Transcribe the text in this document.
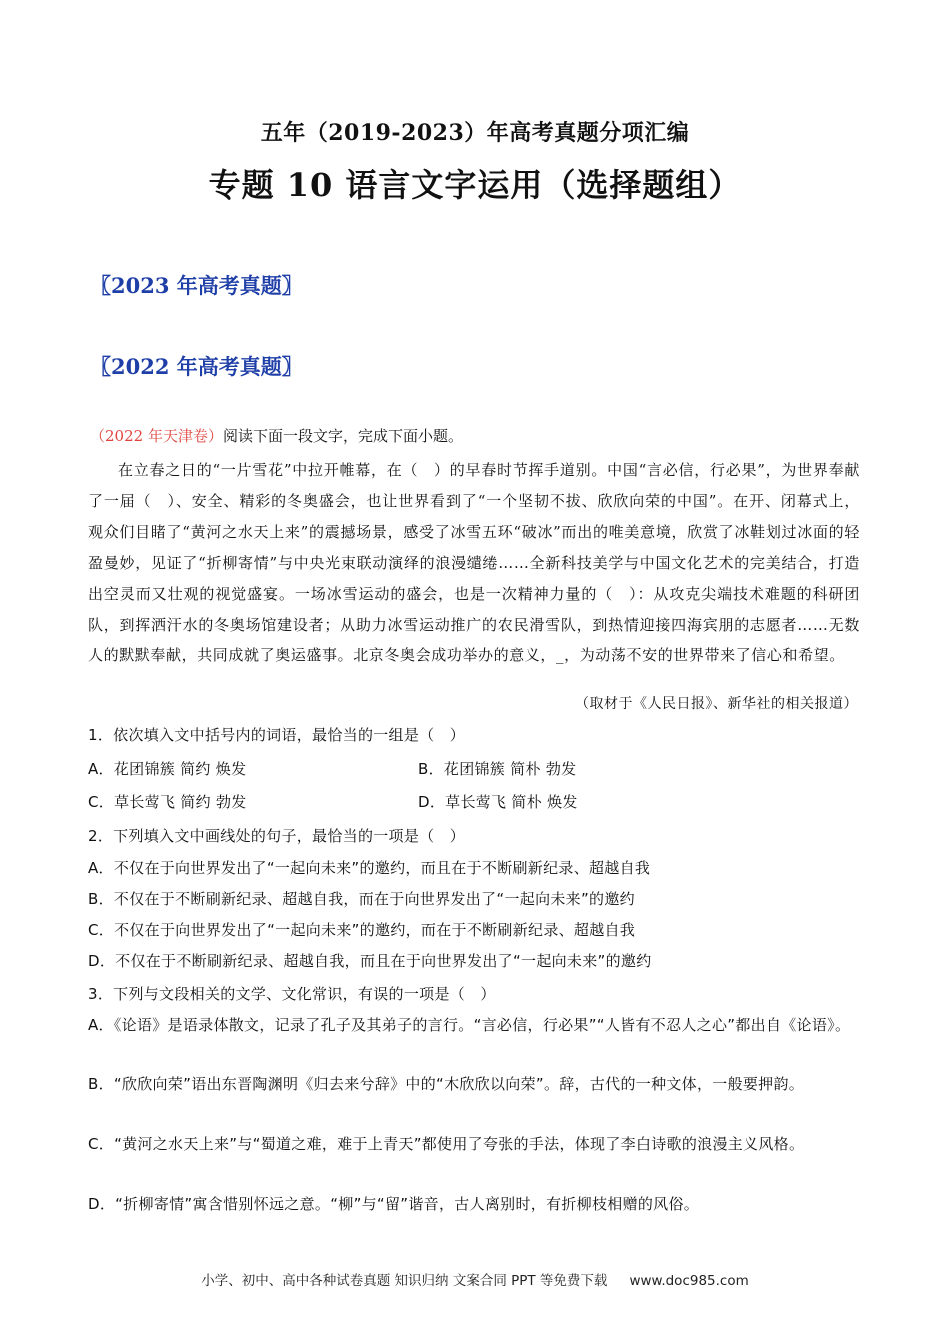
五年（2019-2023）年高考真题分项汇编
专题 10 语言文字运用（选择题组）
〖2023 年高考真题〗
〖2022 年高考真题〗
（2022 年天津卷）阅读下面一段文字，完成下面小题。

在立春之日的“一片雪花”中拉开帷幕，在（　）的早春时节挥手道别。中国“言必信，行必果”，为世界奉献了一届（　）、安全、精彩的冬奥盛会，也让世界看到了“一个坚韧不拔、欣欣向荣的中国”。在开、闭幕式上，观众们目睹了“黄河之水天上来”的震撼场景，感受了冰雪五环“破冰”而出的唯美意境，欣赏了冰鞋划过冰面的轻盈曼妙，见证了“折柳寄情”与中央光束联动演绎的浪漫缱绻……全新科技美学与中国文化艺术的完美结合，打造出空灵而又壮观的视觉盛宴。一场冰雪运动的盛会，也是一次精神力量的（　）：从攻克尖端技术难题的科研团队，到挥洒汗水的冬奥场馆建设者；从助力冰雪运动推广的农民滑雪队，到热情迎接四海宾朋的志愿者……无数人的默默奉献，共同成就了奥运盛事。北京冬奥会成功举办的意义，_，为动荡不安的世界带来了信心和希望。

（取材于《人民日报》、新华社的相关报道）
1．依次填入文中括号内的词语，最恰当的一组是（　）
A．花团锦簇 简约 焕发	B．花团锦簇 简朴 勃发
C．草长莺飞 简约 勃发	D．草长莺飞 简朴 焕发
2．下列填入文中画线处的句子，最恰当的一项是（　）
A．不仅在于向世界发出了“一起向未来”的邀约，而且在于不断刷新纪录、超越自我
B．不仅在于不断刷新纪录、超越自我，而在于向世界发出了“一起向未来”的邀约
C．不仅在于向世界发出了“一起向未来”的邀约，而在于不断刷新纪录、超越自我
D．不仅在于不断刷新纪录、超越自我，而且在于向世界发出了“一起向未来”的邀约
3．下列与文段相关的文学、文化常识，有误的一项是（　）
A．《论语》是语录体散文，记录了孔子及其弟子的言行。“言必信，行必果”“人皆有不忍人之心”都出自《论语》。
B．“欣欣向荣”语出东晋陶渊明《归去来兮辞》中的“木欣欣以向荣”。辞，古代的一种文体，一般要押韵。
C．“黄河之水天上来”与“蜀道之难，难于上青天”都使用了夸张的手法，体现了李白诗歌的浪漫主义风格。
D．“折柳寄情”寓含惜别怀远之意。“柳”与“留”谐音，古人离别时，有折柳枝相赠的风俗。
小学、初中、高中各种试卷真题 知识归纳 文案合同 PPT 等免费下载 www.doc985.com
